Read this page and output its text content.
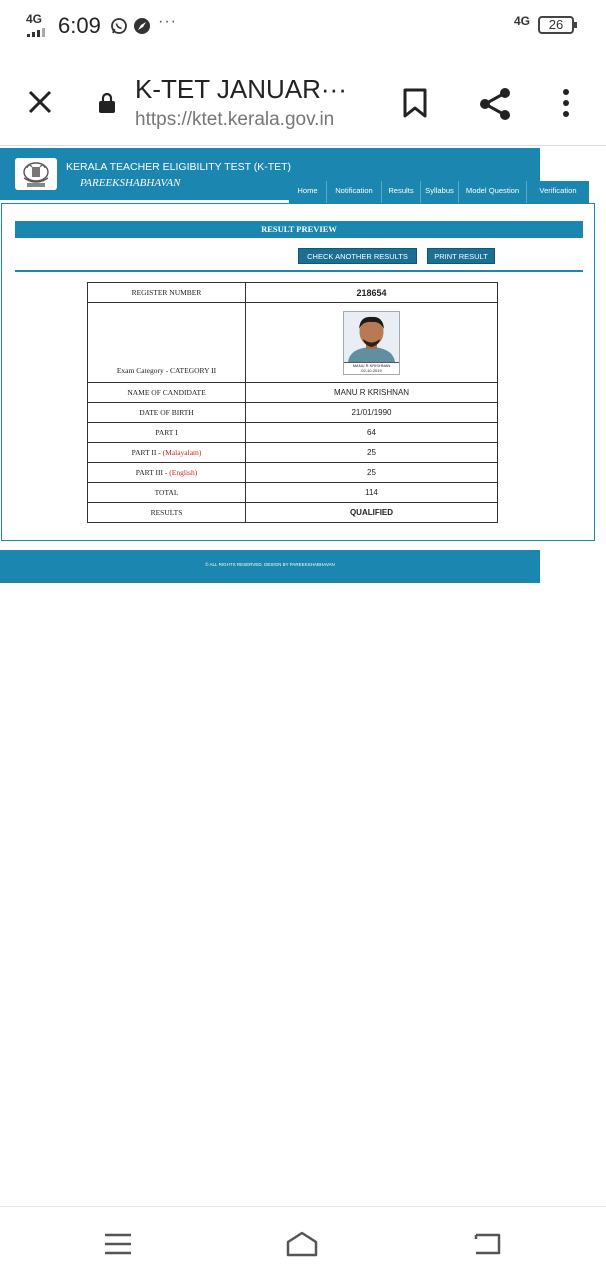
4G 6:09	···	4G	26
K-TET JANUAR···
https://ktet.kerala.gov.in
KERALA TEACHER ELIGIBILITY TEST (K-TET)
PAREEKSHABHAVAN
Home	Notification	Results	Syllabus	Model Question	Verification
RESULT PREVIEW
CHECK ANOTHER RESULTS	PRINT RESULT
REGISTER NUMBER	218654
Exam Category - CATEGORY II	MANU R KRISHNAN
02-10-2019

NAME OF CANDIDATE	MANU R KRISHNAN
DATE OF BIRTH	21/01/1990
PART I	64
PART II - (Malayalam)	25
PART III - (English)	25
TOTAL	114
RESULTS	QUALIFIED
© ALL RIGHTS RESERVED. DESIGN BY PAREEKSHABHAVAN
